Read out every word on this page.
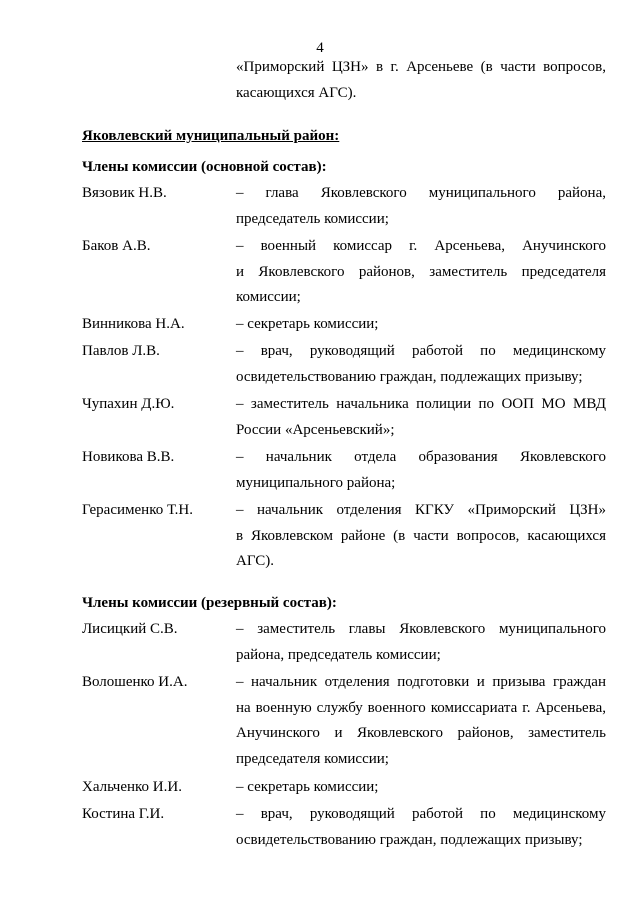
4
«Приморский ЦЗН» в г. Арсеньеве (в части вопросов,
касающихся АГС).
Яковлевский муниципальный район:
Члены комиссии (основной состав):
Вязовик Н.В.	– глава Яковлевского муниципального района,
председатель комиссии;
Баков А.В.	– военный комиссар г. Арсеньева, Анучинского
и Яковлевского районов, заместитель председателя
комиссии;
Винникова Н.А.	– секретарь комиссии;
Павлов Л.В.	– врач, руководящий работой по медицинскому
освидетельствованию граждан, подлежащих призыву;
Чупахин Д.Ю.	– заместитель начальника полиции по ООП МО МВД
России «Арсеньевский»;
Новикова В.В.	– начальник отдела образования Яковлевского
муниципального района;
Герасименко Т.Н.	– начальник отделения КГКУ «Приморский ЦЗН»
в Яковлевском районе (в части вопросов, касающихся
АГС).
Члены комиссии (резервный состав):
Лисицкий С.В.	– заместитель главы Яковлевского муниципального
района, председатель комиссии;
Волошенко И.А.	– начальник отделения подготовки и призыва граждан
на военную службу военного комиссариата г. Арсеньева,
Анучинского и Яковлевского районов, заместитель
председателя комиссии;
Хальченко И.И.	– секретарь комиссии;
Костина Г.И.	– врач, руководящий работой по медицинскому
освидетельствованию граждан, подлежащих призыву;
